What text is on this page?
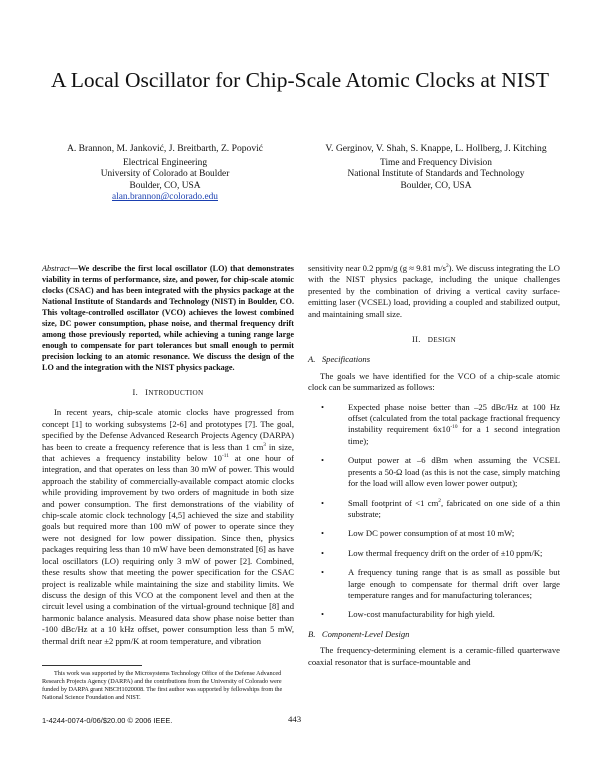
A Local Oscillator for Chip-Scale Atomic Clocks at NIST
A. Brannon, M. Janković, J. Breitbarth, Z. Popović
Electrical Engineering
University of Colorado at Boulder
Boulder, CO, USA
alan.brannon@colorado.edu
V. Gerginov, V. Shah, S. Knappe, L. Hollberg, J. Kitching
Time and Frequency Division
National Institute of Standards and Technology
Boulder, CO, USA

Abstract—We describe the first local oscillator (LO) that demonstrates viability in terms of performance, size, and power, for chip-scale atomic clocks (CSAC) and has been integrated with the physics package at the National Institute of Standards and Technology (NIST) in Boulder, CO. This voltage-controlled oscillator (VCO) achieves the lowest combined size, DC power consumption, phase noise, and thermal frequency drift among those previously reported, while achieving a tuning range large enough to compensate for part tolerances but small enough to permit precision locking to an atomic resonance. We discuss the design of the LO and the integration with the NIST physics package.

I. INTRODUCTION

In recent years, chip-scale atomic clocks have progressed from concept [1] to working subsystems [2-6] and prototypes [7]. The goal, specified by the Defense Advanced Research Projects Agency (DARPA) has been to create a frequency reference that is less than 1 $cm^3$ in size, that achieves a frequency instability below $10^{-11}$ at one hour of integration, and that operates on less than 30 mW of power. This would approach the stability of commercially-available compact atomic clocks while providing improvement by two orders of magnitude in both size and power consumption. The first demonstrations of the viability of chip-scale atomic clock technology [4,5] achieved the size and stability goals but required more than 100 mW of power to operate since they were not designed for low power dissipation. Since then, physics packages requiring less than 10 mW have been demonstrated [6] as have local oscillators (LO) requiring only 3 mW of power [2]. Combined, these results show that meeting the power specification for the CSAC project is realizable while maintaining the size and stability limits. We discuss the design of this VCO at the component level and then at the circuit level using a combination of the virtual-ground technique [8] and harmonic balance analysis. Measured data show phase noise better than -100 dBc/Hz at a 10 kHz offset, power consumption less than 5 mW, thermal drift near ±2 ppm/K at room temperature, and vibration

sensitivity near 0.2 ppm/g (g ≈ 9.81 $m/s^2$). We discuss integrating the LO with the NIST physics package, including the unique challenges presented by the combination of driving a vertical cavity surface-emitting laser (VCSEL) load, providing a coupled and stabilized output, and maintaining small size.

II. DESIGN
A. Specifications

The goals we have identified for the VCO of a chip-scale atomic clock can be summarized as follows:

•	Expected phase noise better than –25 dBc/Hz at 100 Hz offset (calculated from the total package fractional frequency instability requirement $6x10^{-10}$ for a 1 second integration time);
•	Output power at –6 dBm when assuming the VCSEL presents a 50-Ω load (as this is not the case, simply matching for the load will allow even lower power output);
•	Small footprint of <1 $cm^2$, fabricated on one side of a thin substrate;
•	Low DC power consumption of at most 10 mW;
•	Low thermal frequency drift on the order of ±10 ppm/K;
•	A frequency tuning range that is as small as possible but large enough to compensate for thermal drift over large temperature ranges and for manufacturing tolerances;
•	Low-cost manufacturability for high yield.
B. Component-Level Design

The frequency-determining element is a ceramic-filled quarterwave coaxial resonator that is surface-mountable and

This work was supported by the Microsystems Technology Office of the Defense Advanced Research Projects Agency (DARPA) and the contributions from the University of Colorado were funded by DARPA grant NBCH1020008. The first author was supported by fellowships from the National Science Foundation and NIST.

1-4244-0074-0/06/$20.00 © 2006 IEEE.	443
